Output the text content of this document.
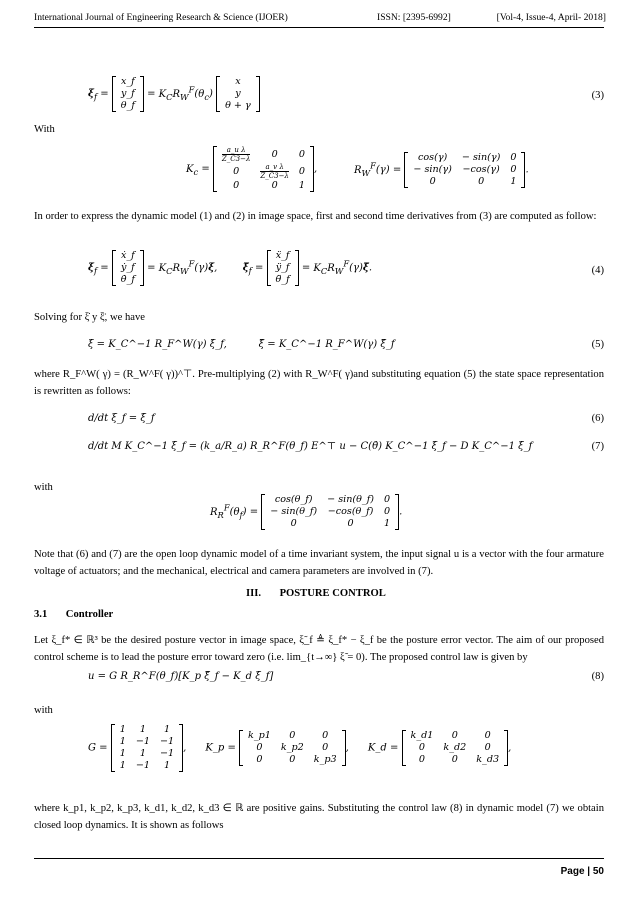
International Journal of Engineering Research & Science (IJOER)	ISSN: [2395-6992]	[Vol-4, Issue-4, April- 2018]
$\xi_f$ =
x_f
y_f
θ_f
= $K_CR_W^F(\theta_c)$
x
y
θ + γ
(3)
With
$K_c$ =
$\frac{\text{a\_u λ}}{Z\_C3-\lambda}$	0	0
0	$\frac{\text{a\_v λ}}{Z\_C3-\lambda}$	0
0	0	1
,	$R_W^F(\gamma)$ =
cos(γ)	− sin(γ)	0
− sin(γ)	−cos(γ)	0
0	0	1
.
In order to express the dynamic model (1) and (2) in image space, first and second time derivatives from (3) are computed as follow:
$\xi̇_f$ =
ẋ_f
ẏ_f
θ̇_f
= $K_CR_W^F(\gamma)\xi̇$,        $\xï_f$ =
ẍ_f
ÿ_f
θ̈_f
= $K_CR_W^F(\gamma)\xï$.	(4)
Solving for ξ̇ y ξ̈, we have
ξ̇ = K_C^−1 R_F^W(γ) ξ̇_f,	ξ̈ = K_C^−1 R_F^W(γ) ξ̈_f	(5)
where R_F^W( γ) = (R_W^F( γ))^⊤. Pre-multiplying (2) with R_W^F( γ)and substituting equation (5) the state space representation is rewritten as follows:
d/dt ξ_f = ξ̇_f	(6)
d/dt M K_C^−1 ξ̇_f = (k_a/R_a) R_R^F(θ_f) E^⊤ u − C(θ̇) K_C^−1 ξ̇_f − D K_C^−1 ξ̇_f	(7)
with
$R_R^F(\theta_f)$ =
cos(θ_f)	− sin(θ_f)	0
− sin(θ_f)	−cos(θ_f)	0
0	0	1
.
Note that (6) and (7) are the open loop dynamic model of a time invariant system, the input signal u is a vector with the four armature voltage of actuators; and the mechanical, electrical and camera parameters are involved in (7).
III. POSTURE CONTROL
3.1 Controller
Let ξ_f* ∈ ℝ³ be the desired posture vector in image space, ξ̃_f ≜ ξ_f* − ξ_f be the posture error vector. The aim of our proposed control scheme is to lead the posture error toward zero (i.e. lim_{t→∞} ξ̃ = 0). The proposed control law is given by
u = G R_R^F(θ_f)[K_p ξ̃_f − K_d ξ̇_f]	(8)
with
G =
1	1	1
1	−1	−1
1	1	−1
1	−1	1
,      K_p =
k_p1	0	0
0	k_p2	0
0	0	k_p3
,      K_d =
k_d1	0	0
0	k_d2	0
0	0	k_d3
,
where k_p1, k_p2, k_p3, k_d1, k_d2, k_d3 ∈ ℝ are positive gains. Substituting the control law (8) in dynamic model (7) we obtain closed loop dynamics. It is shown as follows
Page | 50
